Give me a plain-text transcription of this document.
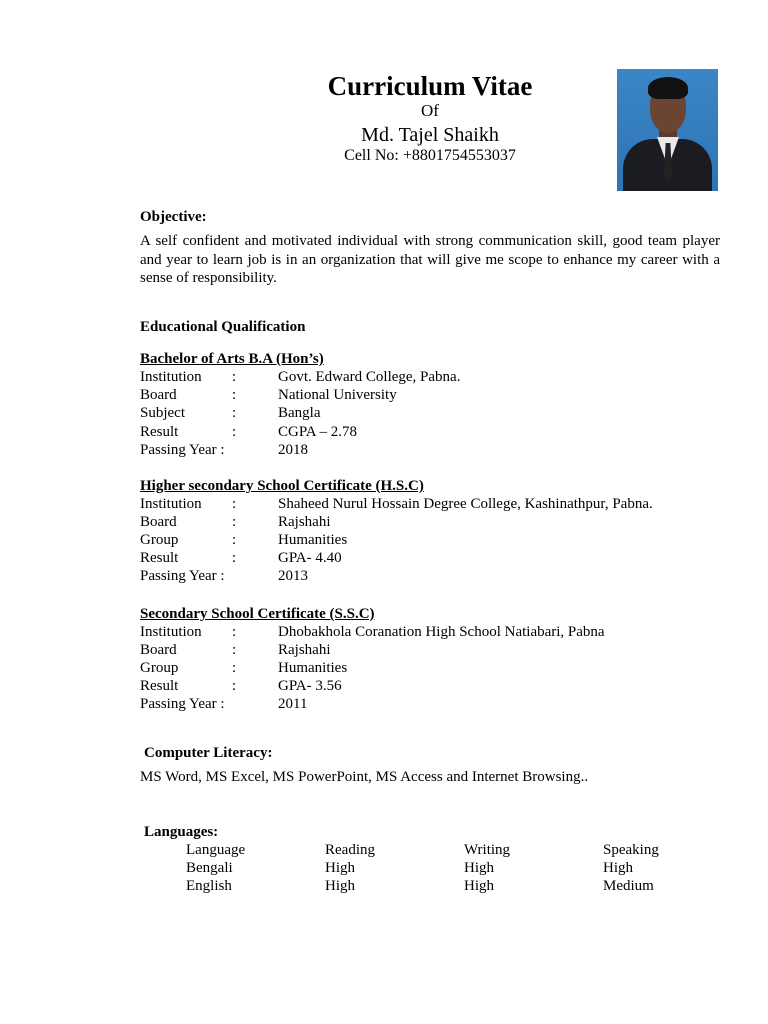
Curriculum Vitae
Of
Md. Tajel Shaikh
Cell No: +8801754553037
Objective:
A self confident and motivated individual with strong communication skill, good team player and year to learn job is in an organization that will give me scope to enhance my career with a sense of responsibility.
Educational Qualification
Bachelor of Arts B.A (Hon’s)
Institution :	Govt. Edward College, Pabna.
Board	:	National University
Subject	:	Bangla
Result	:	CGPA – 2.78
Passing Year :	2018
Higher secondary School Certificate (H.S.C)
Institution :	Shaheed Nurul Hossain Degree College, Kashinathpur, Pabna.
Board	:	Rajshahi
Group	:	Humanities
Result	:	GPA- 4.40
Passing Year :	2013
Secondary School Certificate (S.S.C)
Institution :	Dhobakhola Coranation High School Natiabari, Pabna
Board	:	Rajshahi
Group	:	Humanities
Result	:	GPA- 3.56
Passing Year :	2011
Computer Literacy:
MS Word, MS Excel, MS PowerPoint, MS Access and Internet Browsing..
Languages:
Language	Reading	Writing	Speaking
Bengali	High	High	High
English	High	High	Medium
